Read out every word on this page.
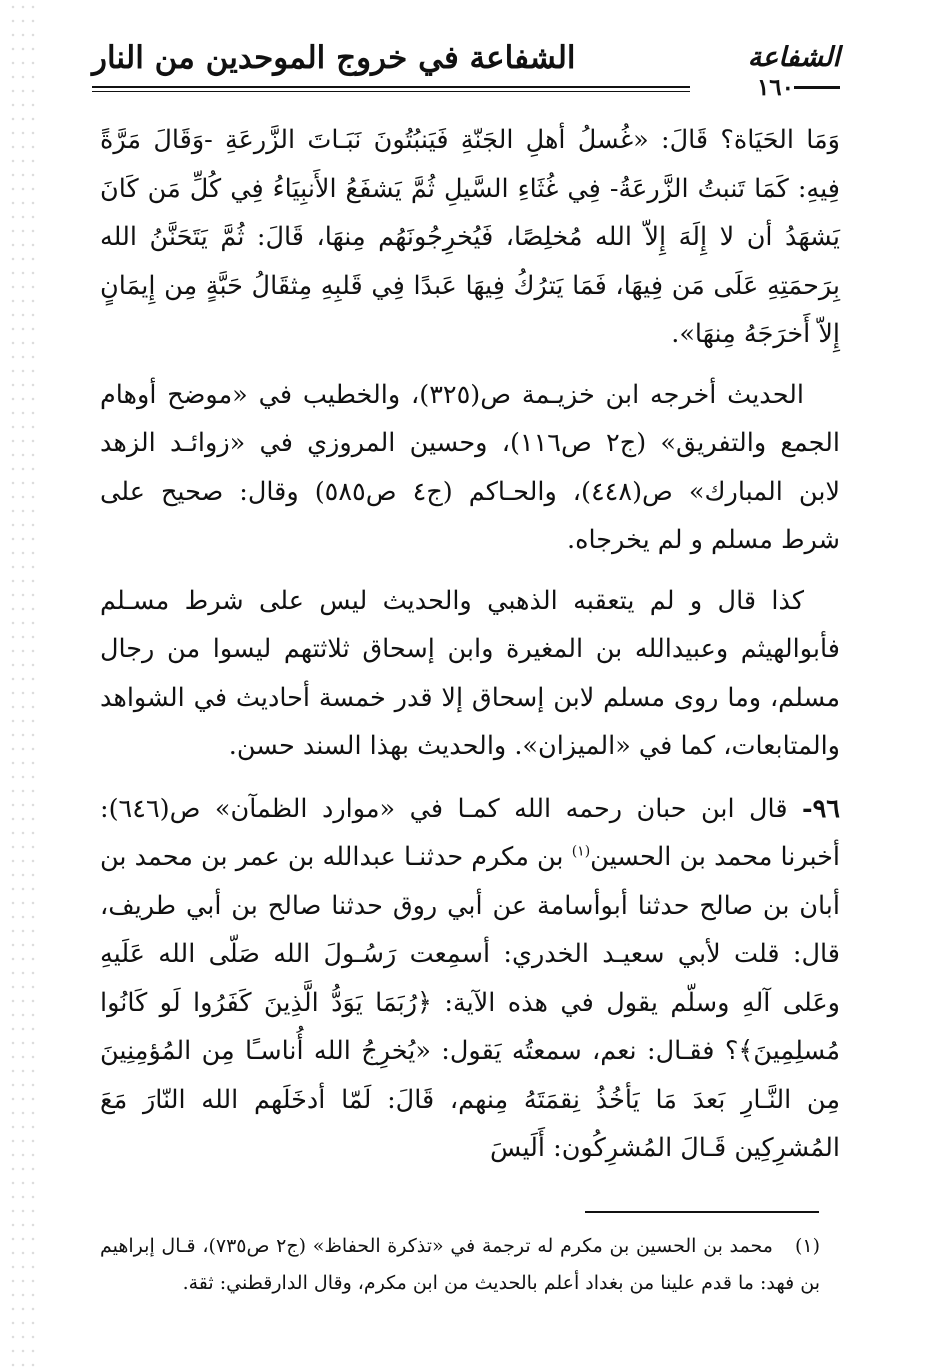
الشفاعة
١٦٠
الشفاعة في خروج الموحدين من النار

وَمَا الحَيَاة؟ قَالَ: «غُسلُ أهلِ الجَنّةِ فَيَنبُتُونَ نَبَـاتَ الزَّرعَةِ -وَقَالَ مَرَّةً فِيهِ: كَمَا تَنبتُ الزَّرعَةُ- فِي غُثَاءِ السَّيلِ ثُمَّ يَشفَعُ الأَنبِيَاءُ فِي كُلِّ مَن كَانَ يَشهَدُ أن لا إِلَهَ إِلاّ الله مُخلِصًا، فَيُخرِجُونَهُم مِنهَا، قَالَ: ثُمَّ يَتَحَنَّنُ الله بِرَحمَتِهِ عَلَى مَن فِيهَا، فَمَا يَترُكُ فِيهَا عَبدًا فِي قَلبِهِ مِثقَالُ حَبَّةٍ مِن إِيمَانٍ إِلاّ أَخرَجَهُ مِنهَا».

الحديث أخرجه ابن خزيـمة ص(٣٢٥)، والخطيب في «موضح أوهام الجمع والتفريق» (ج٢ ص١١٦)، وحسين المروزي في «زوائـد الزهد لابن المبارك» ص(٤٤٨)، والحـاكم (ج٤ ص٥٨٥) وقال: صحيح على شرط مسلم و لم يخرجاه.

كذا قال و لم يتعقبه الذهبي والحديث ليس على شرط مسـلم فأبوالهيثم وعبيدالله بن المغيرة وابن إسحاق ثلاثتهم ليسوا من رجال مسلم، وما روى مسلم لابن إسحاق إلا قدر خمسة أحاديث في الشواهد والمتابعات، كما في «الميزان». والحديث بهذا السند حسن.

٩٦- قال ابن حبان رحمه الله كمـا في «موارد الظمآن» ص(٦٤٦): أخبرنا محمد بن الحسين$^{(١)}$ بن مكرم حدثنـا عبدالله بن عمر بن محمد بن أبان بن صالح حدثنا أبوأسامة عن أبي روق حدثنا صالح بن أبي طريف، قال: قلت لأبي سعيـد الخدري: أسمِعت رَسُـولَ الله صَلّى الله عَلَيهِ وعَلى آلهِ وسلّم يقول في هذه الآية: ﴿رُبَمَا يَوَدُّ الَّذِينَ كَفَرُوا لَو كَانُوا مُسلِمِينَ﴾؟ فقـال: نعم، سمعتُه يَقول: «يُخرِجُ الله أُناسـًا مِن المُؤمِنِينَ مِن النَّـارِ بَعدَ مَا يَأخُذُ نِقمَتَهُ مِنهم، قَالَ: لَمّا أدخَلَهم الله النّارَ مَعَ المُشرِكِين قَـالَ المُشرِكُون: أَلَيسَ

(١)محمد بن الحسين بن مكرم له ترجمة في «تذكرة الحفاظ» (ج٢ ص٧٣٥)، قـال إبراهيم بن فهد: ما قدم علينا من بغداد أعلم بالحديث من ابن مكرم، وقال الدارقطني: ثقة.
